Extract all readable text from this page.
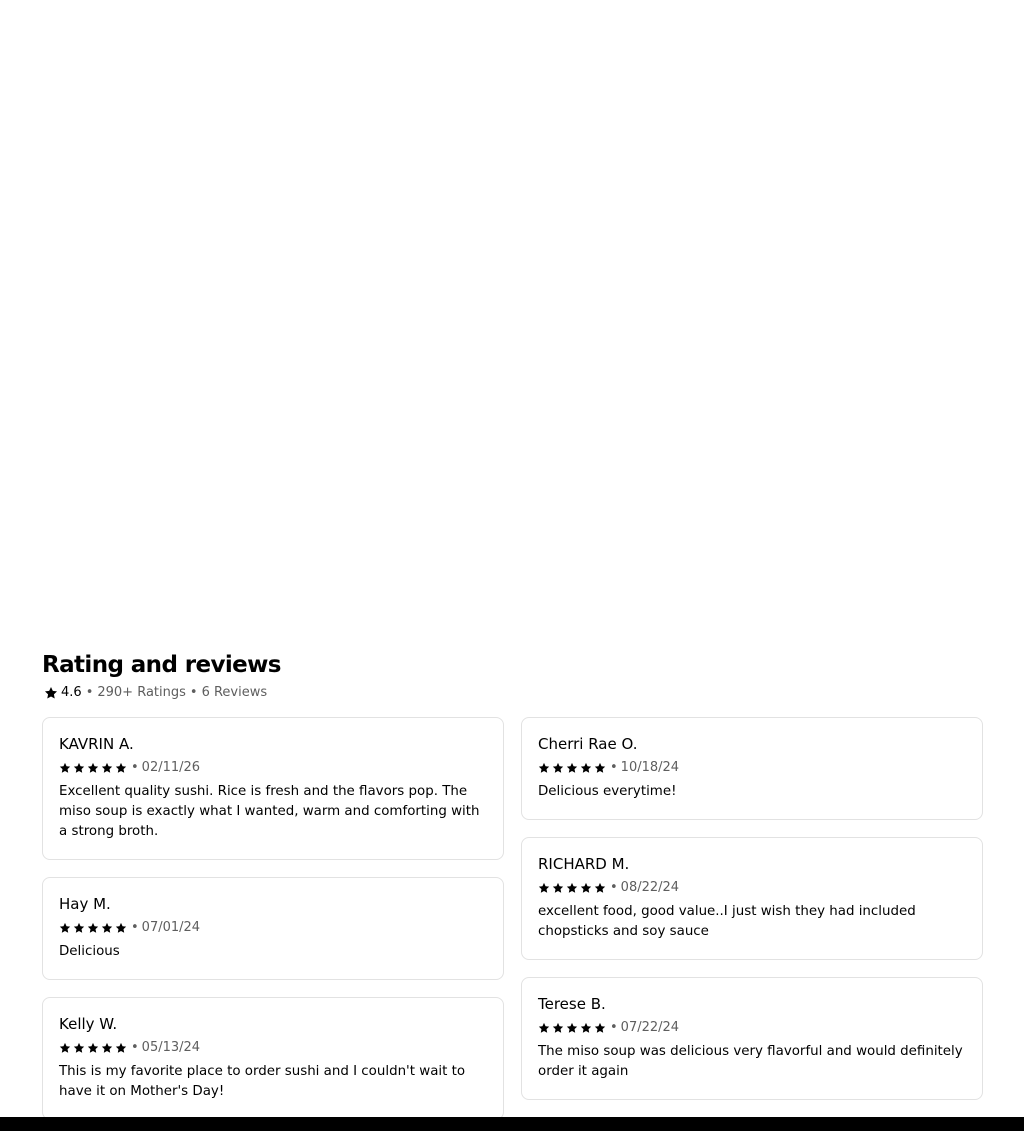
Rating and reviews
4.6 • 290+ Ratings • 6 Reviews
KAVRIN A.
• 02/11/26
Excellent quality sushi. Rice is fresh and the flavors pop. The miso soup is exactly what I wanted, warm and comforting with a strong broth.
Hay M.
• 07/01/24
Delicious
Kelly W.
• 05/13/24
This is my favorite place to order sushi and I couldn't wait to have it on Mother's Day!
Cherri Rae O.
• 10/18/24
Delicious everytime!
RICHARD M.
• 08/22/24
excellent food, good value..I just wish they had included chopsticks and soy sauce
Terese B.
• 07/22/24
The miso soup was delicious very flavorful and would definitely order it again
